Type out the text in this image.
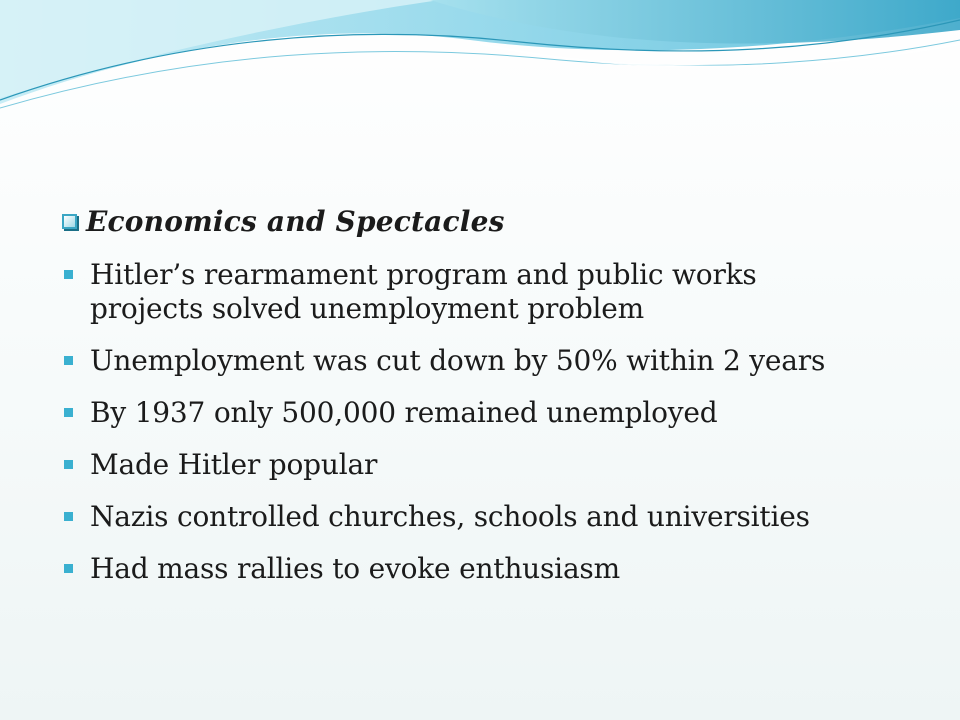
Economics and Spectacles
Hitler’s rearmament program and public works projects solved unemployment problem
Unemployment was cut down by 50% within 2 years
By 1937 only 500,000 remained unemployed
Made Hitler popular
Nazis controlled churches, schools and universities
Had mass rallies to evoke enthusiasm
